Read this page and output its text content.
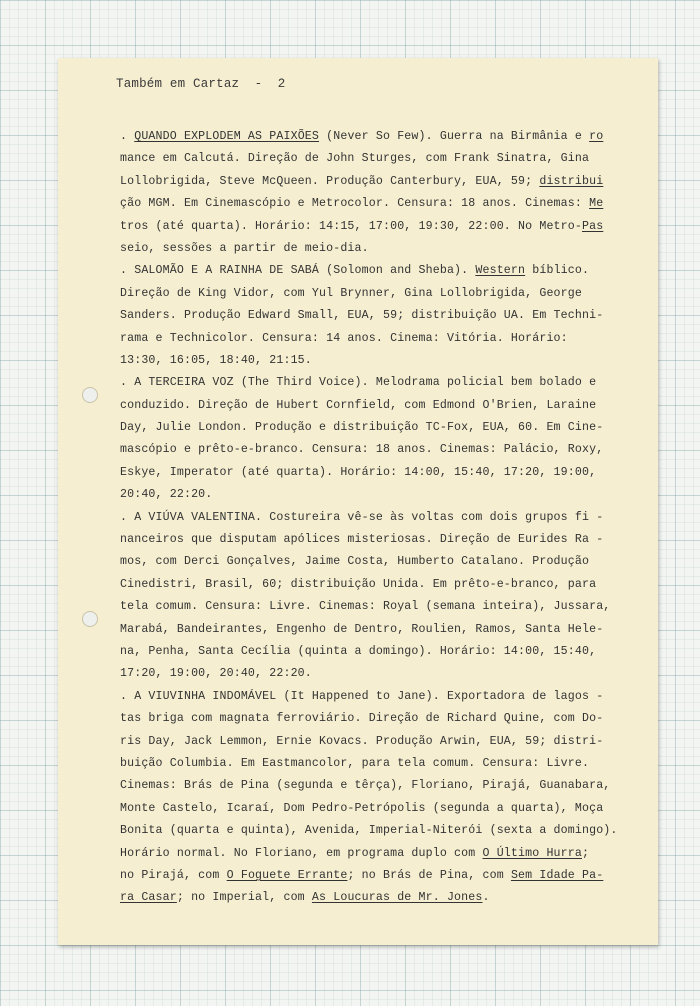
Também em Cartaz - 2
. QUANDO EXPLODEM AS PAIXÕES (Never So Few). Guerra na Birmânia e ro
mance em Calcutá. Direção de John Sturges, com Frank Sinatra, Gina
Lollobrigida, Steve McQueen. Produção Canterbury, EUA, 59; distribui
ção MGM. Em Cinemascópio e Metrocolor. Censura: 18 anos. Cinemas: Me
tros (até quarta). Horário: 14:15, 17:00, 19:30, 22:00. No Metro-Pas
seio, sessões a partir de meio-dia.
. SALOMÃO E A RAINHA DE SABÁ (Solomon and Sheba). Western bíblico.
Direção de King Vidor, com Yul Brynner, Gina Lollobrigida, George
Sanders. Produção Edward Small, EUA, 59; distribuição UA. Em Techni-
rama e Technicolor. Censura: 14 anos. Cinema: Vitória. Horário:
13:30, 16:05, 18:40, 21:15.
. A TERCEIRA VOZ (The Third Voice). Melodrama policial bem bolado e
conduzido. Direção de Hubert Cornfield, com Edmond O'Brien, Laraine
Day, Julie London. Produção e distribuição TC-Fox, EUA, 60. Em Cine-
mascópio e prêto-e-branco. Censura: 18 anos. Cinemas: Palácio, Roxy,
Eskye, Imperator (até quarta). Horário: 14:00, 15:40, 17:20, 19:00,
20:40, 22:20.
. A VIÚVA VALENTINA. Costureira vê-se às voltas com dois grupos fi -
nanceiros que disputam apólices misteriosas. Direção de Eurides Ra -
mos, com Derci Gonçalves, Jaime Costa, Humberto Catalano. Produção
Cinedistri, Brasil, 60; distribuição Unida. Em prêto-e-branco, para
tela comum. Censura: Livre. Cinemas: Royal (semana inteira), Jussara,
Marabá, Bandeirantes, Engenho de Dentro, Roulien, Ramos, Santa Hele-
na, Penha, Santa Cecília (quinta a domingo). Horário: 14:00, 15:40,
17:20, 19:00, 20:40, 22:20.
. A VIUVINHA INDOMÁVEL (It Happened to Jane). Exportadora de lagos -
tas briga com magnata ferroviário. Direção de Richard Quine, com Do-
ris Day, Jack Lemmon, Ernie Kovacs. Produção Arwin, EUA, 59; distri-
buição Columbia. Em Eastmancolor, para tela comum. Censura: Livre.
Cinemas: Brás de Pina (segunda e têrça), Floriano, Pirajá, Guanabara,
Monte Castelo, Icaraí, Dom Pedro-Petrópolis (segunda a quarta), Moça
Bonita (quarta e quinta), Avenida, Imperial-Niterói (sexta a domingo).
Horário normal. No Floriano, em programa duplo com O Último Hurra;
no Pirajá, com O Foguete Errante; no Brás de Pina, com Sem Idade Pa-
ra Casar; no Imperial, com As Loucuras de Mr. Jones.
